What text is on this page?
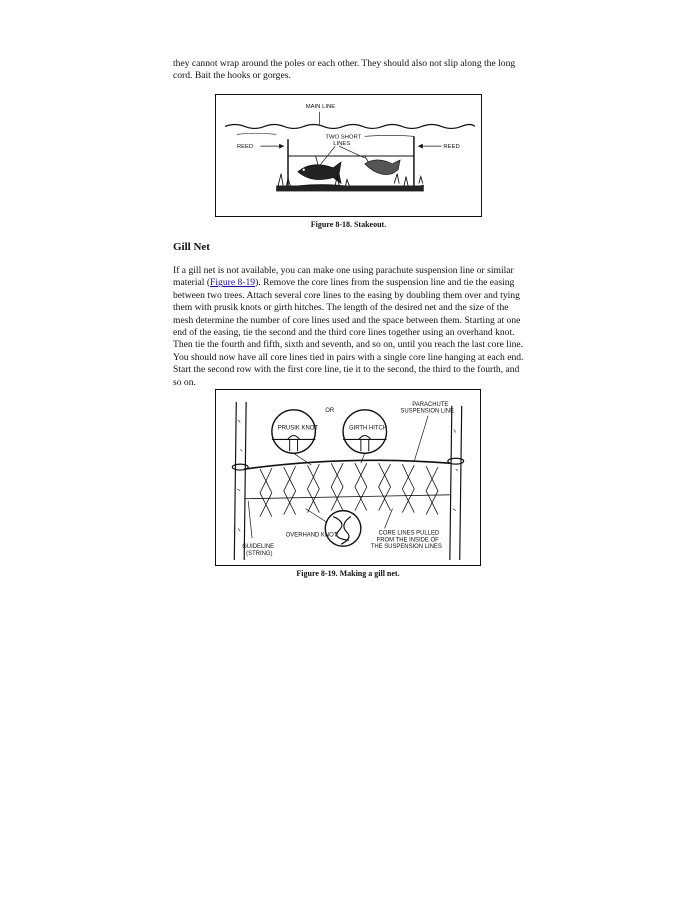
they cannot wrap around the poles or each other. They should also not slip along the long cord. Bait the hooks or gorges.

MAIN LINE
TWO SHORT
LINES
REED	REED

Figure 8-18. Stakeout.

Gill Net

If a gill net is not available, you can make one using parachute suspension line or similar material (Figure 8-19). Remove the core lines from the suspension line and tie the easing between two trees. Attach several core lines to the easing by doubling them over and tying them with prusik knots or girth hitches. The length of the desired net and the size of the mesh determine the number of core lines used and the space between them. Starting at one end of the easing, tie the second and the third core lines together using an overhand knot. Then tie the fourth and fifth, sixth and seventh, and so on, until you reach the last core line. You should now have all core lines tied in pairs with a single core line hanging at each end. Start the second row with the first core line, tie it to the second, the third to the fourth, and so on.

PRUSIK KNOT
OR
GIRTH HITCH
PARACHUTE
SUSPENSION LINE
OVERHAND KNOT	CORE LINES PULLED
FROM THE INSIDE OF
THE SUSPENSION LINES
GUIDELINE
(STRING)

Figure 8-19. Making a gill net.
